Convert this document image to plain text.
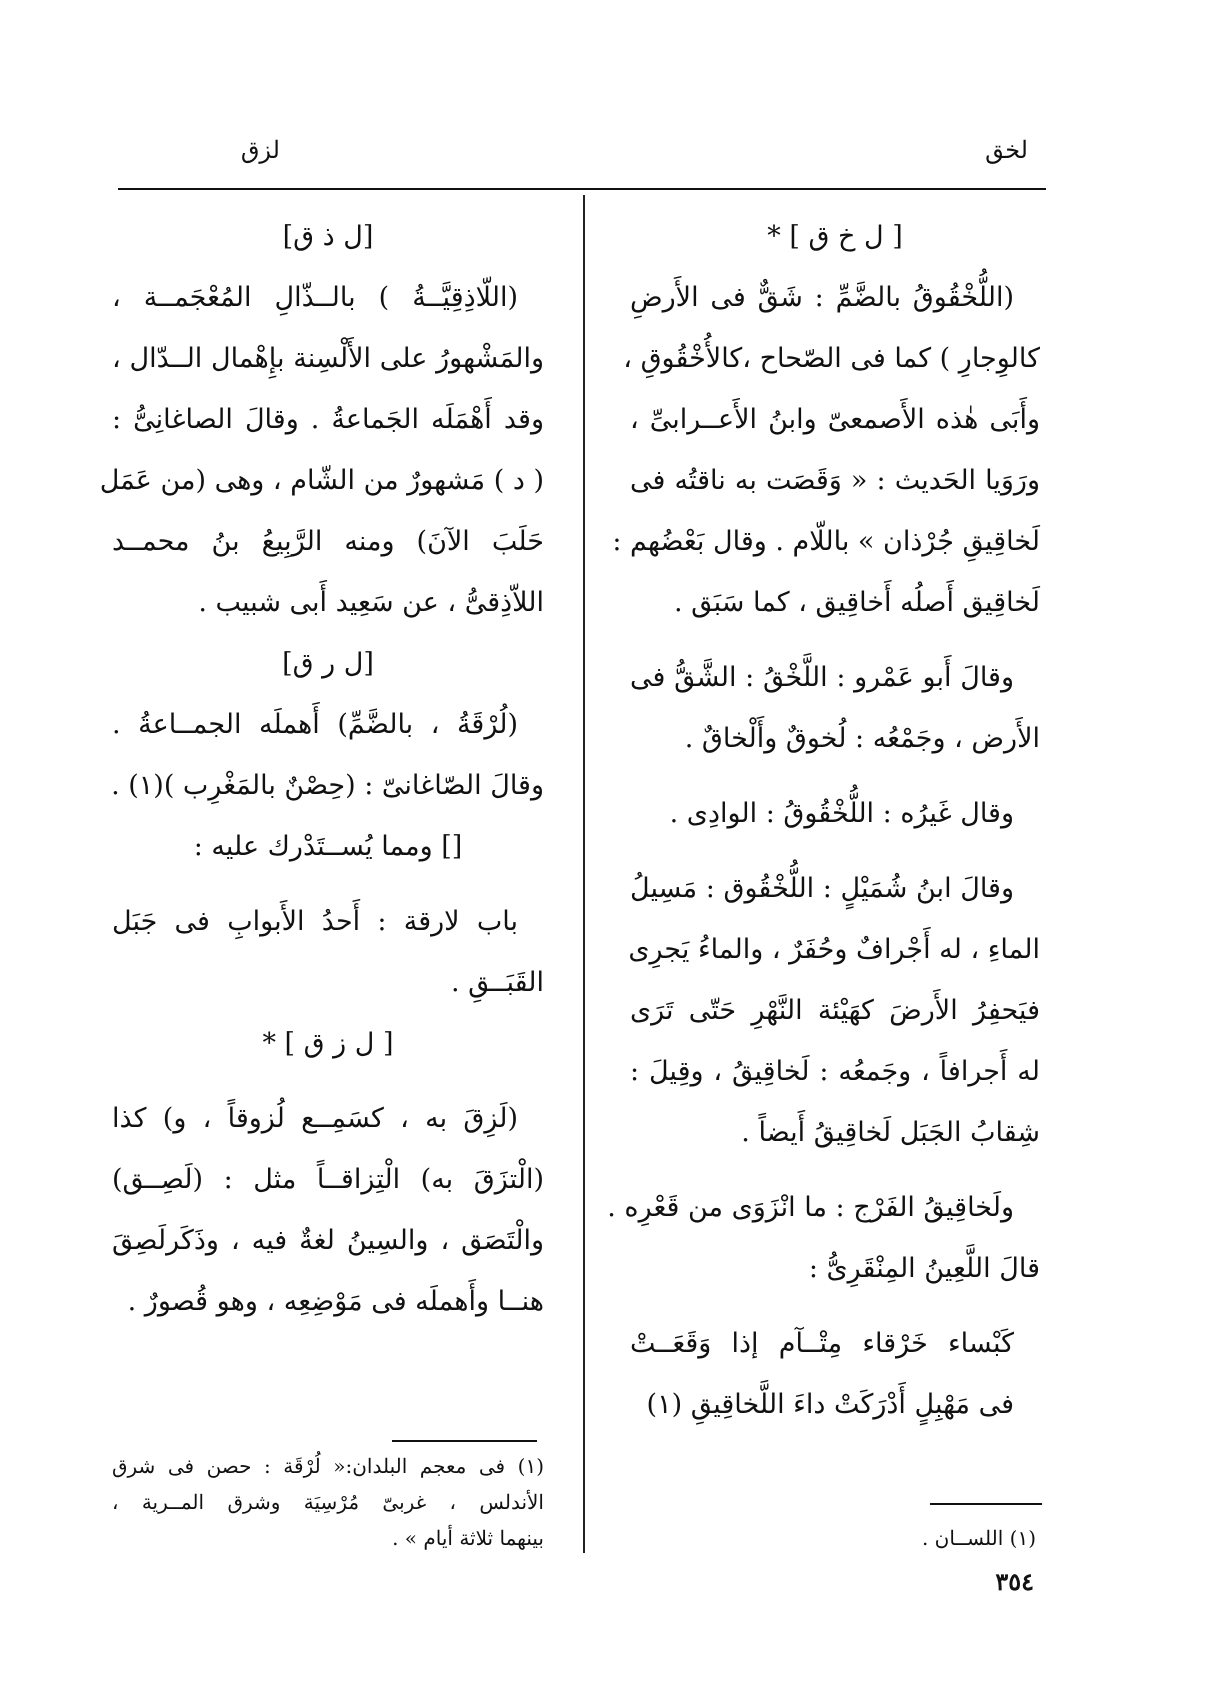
لخق
لزق
[ ل خ ق ] *
(اللُّخْقُوقُ بالضَّمِّ : شَقٌّ فى الأَرضِ
كالوِجارِ ) كما فى الصّحاح ،كالأُخْقُوقِ ،
وأَبَى هٰذه الأَصمعىّ وابنُ الأَعــرابىِّ ،
ورَوَيا الحَديث : « وَقَصَت به ناقتُه فى
لَخاقِيقِ جُرْذان » باللّام . وقال بَعْضُهم :
لَخاقِيق أَصلُه أَخاقِيق ، كما سَبَق .
وقالَ أَبو عَمْرو : اللَّخْقُ : الشَّقُّ فى
الأَرض ، وجَمْعُه : لُخوقٌ وأَلْخاقٌ .
وقال غَيرُه : اللُّخْقُوقُ : الوادِى .
وقالَ ابنُ شُمَيْلٍ : اللُّخْقُوق : مَسِيلُ
الماءِ ، له أَجْرافٌ وحُفَرٌ ، والماءُ يَجرِى
فيَحفِرُ الأَرضَ كهَيْئة النَّهْرِ حَتّى تَرَى
له أَجرافاً ، وجَمعُه : لَخاقِيقُ ، وقِيلَ :
شِقابُ الجَبَل لَخاقِيقُ أَيضاً .
ولَخاقِيقُ الفَرْج : ما انْزَوَى من قَعْرِه .
قالَ اللَّعِينُ المِنْقَرِىُّ :
كَبْساء خَرْقاء مِتْــآم إذا وَقَعَــتْ
فى مَهْبِلٍ أَدْرَكَتْ داءَ اللَّخاقِيقِ (١)
[ل ذ ق]
(اللّاذِقِيَّــةُ ) بالــذّالِ المُعْجَمــة ،
والمَشْهورُ على الأَلْسِنة بإِهْمال الــدّال ،
وقد أَهْمَلَه الجَماعةُ . وقالَ الصاغانِىُّ :
( د ) مَشهورٌ من الشّام ، وهى (من عَمَل
حَلَبَ الآنَ) ومنه الرَّبِيعُ بنُ محمــد
اللاّذِقىُّ ، عن سَعِيد أَبى شبيب .
[ل ر ق]
(لُرْقَةُ ، بالضَّمِّ) أَهملَه الجمــاعةُ .
وقالَ الصّاغانىّ : (حِصْنٌ بالمَغْرِب )(١) .
[] ومما يُســتَدْرك عليه :
باب لارقة : أَحدُ الأَبوابِ فى جَبَل
القَبَــقِ .
[ ل ز ق ] *
(لَزِقَ به ، كسَمِــع لُزوقاً ، و) كذا
(الْتزَقَ به) الْتِزاقــاً مثل : (لَصِــق)
والْتَصَق ، والسِينُ لغةٌ فيه ، وذَكَرلَصِقَ
هنــا وأَهملَه فى مَوْضِعِه ، وهو قُصورٌ .
(١) اللســان .
(١) فى معجم البلدان:« لُرْقَة : حصن فى شرق
الأندلس ، غربىّ مُرْسِيَة وشرق المــرية ،
بينهما ثلاثة أيام » .
٣٥٤
